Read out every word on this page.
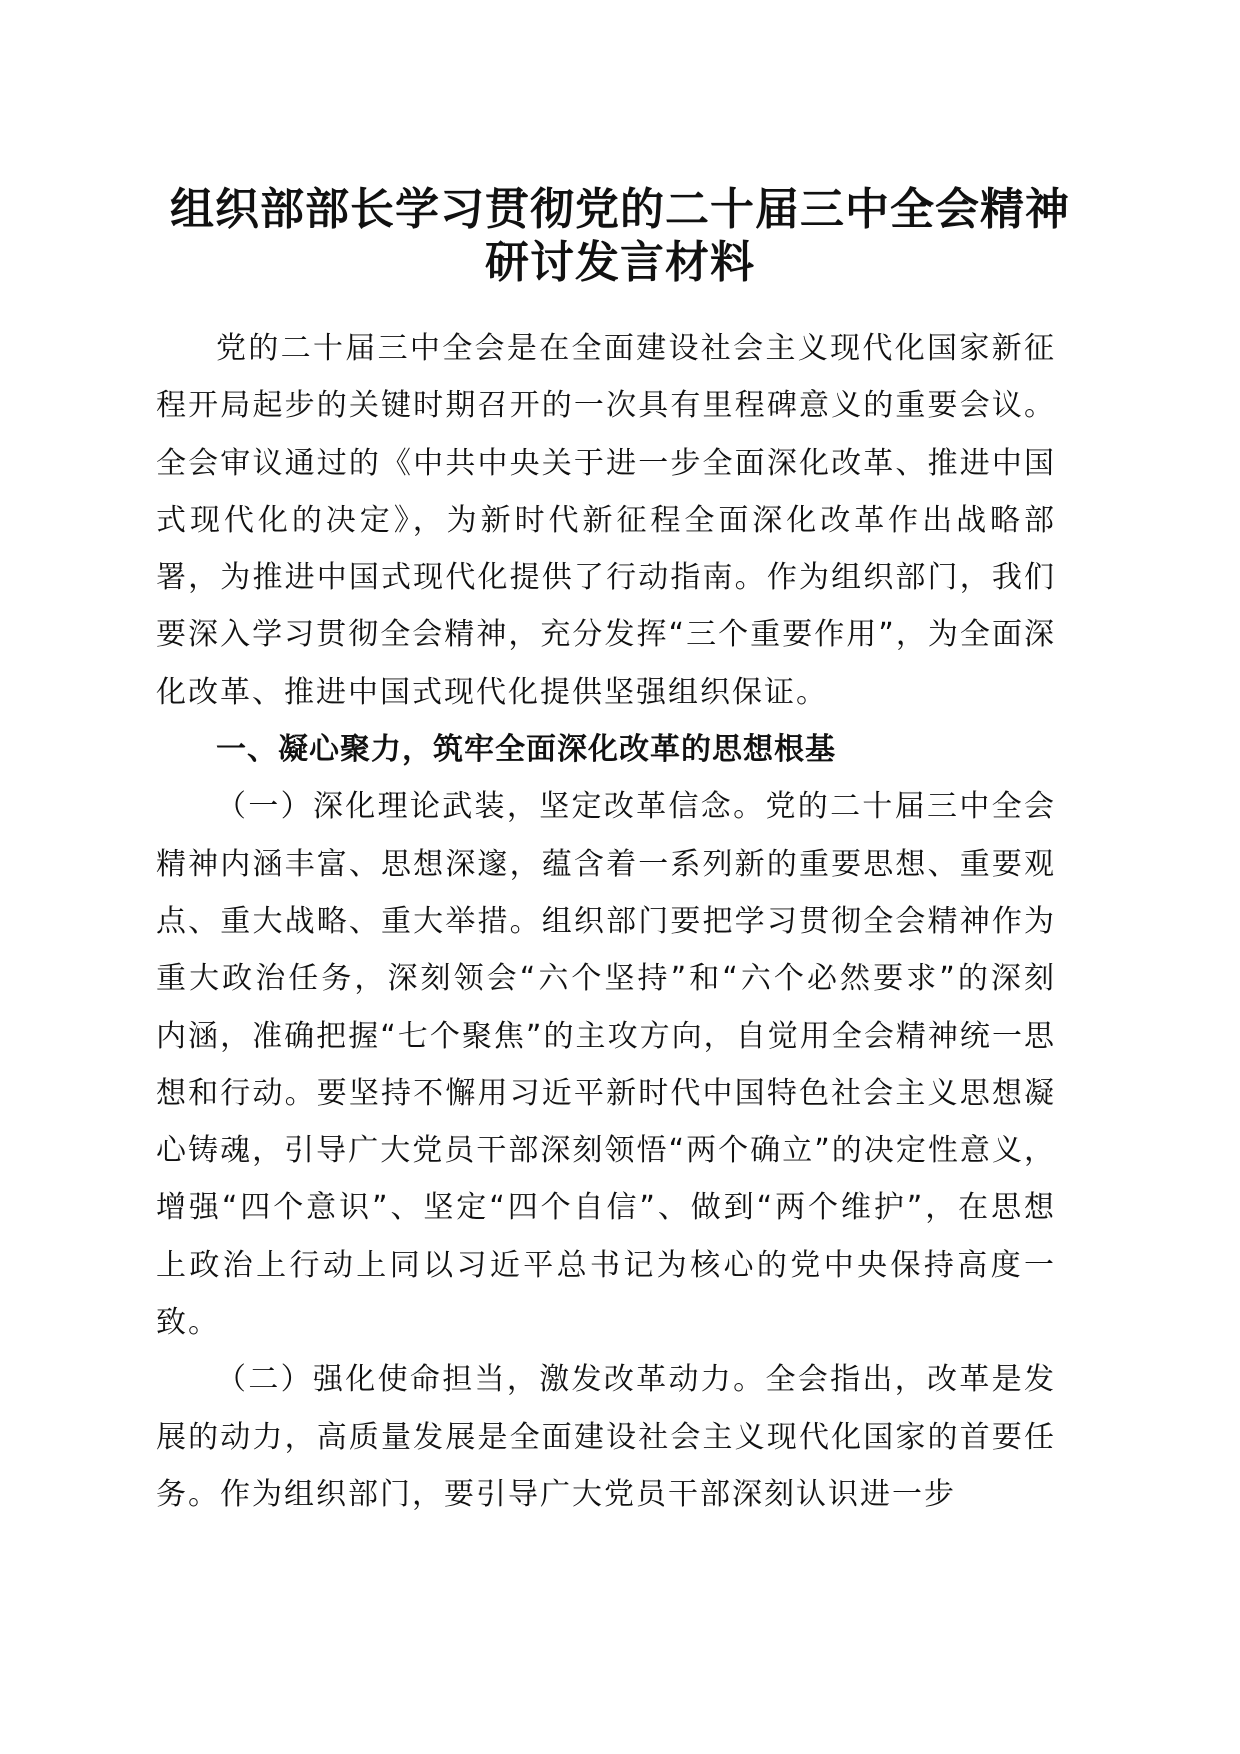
组织部部长学习贯彻党的二十届三中全会精神
研讨发言材料

党的二十届三中全会是在全面建设社会主义现代化国家新征程开局起步的关键时期召开的一次具有里程碑意义的重要会议。全会审议通过的《中共中央关于进一步全面深化改革、推进中国式现代化的决定》，为新时代新征程全面深化改革作出战略部署，为推进中国式现代化提供了行动指南。作为组织部门，我们要深入学习贯彻全会精神，充分发挥“三个重要作用”，为全面深化改革、推进中国式现代化提供坚强组织保证。

一、凝心聚力，筑牢全面深化改革的思想根基

（一）深化理论武装，坚定改革信念。党的二十届三中全会精神内涵丰富、思想深邃，蕴含着一系列新的重要思想、重要观点、重大战略、重大举措。组织部门要把学习贯彻全会精神作为重大政治任务，深刻领会“六个坚持”和“六个必然要求”的深刻内涵，准确把握“七个聚焦”的主攻方向，自觉用全会精神统一思想和行动。要坚持不懈用习近平新时代中国特色社会主义思想凝心铸魂，引导广大党员干部深刻领悟“两个确立”的决定性意义，增强“四个意识”、坚定“四个自信”、做到“两个维护”，在思想上政治上行动上同以习近平总书记为核心的党中央保持高度一致。

（二）强化使命担当，激发改革动力。全会指出，改革是发展的动力，高质量发展是全面建设社会主义现代化国家的首要任务。作为组织部门，要引导广大党员干部深刻认识进一步
